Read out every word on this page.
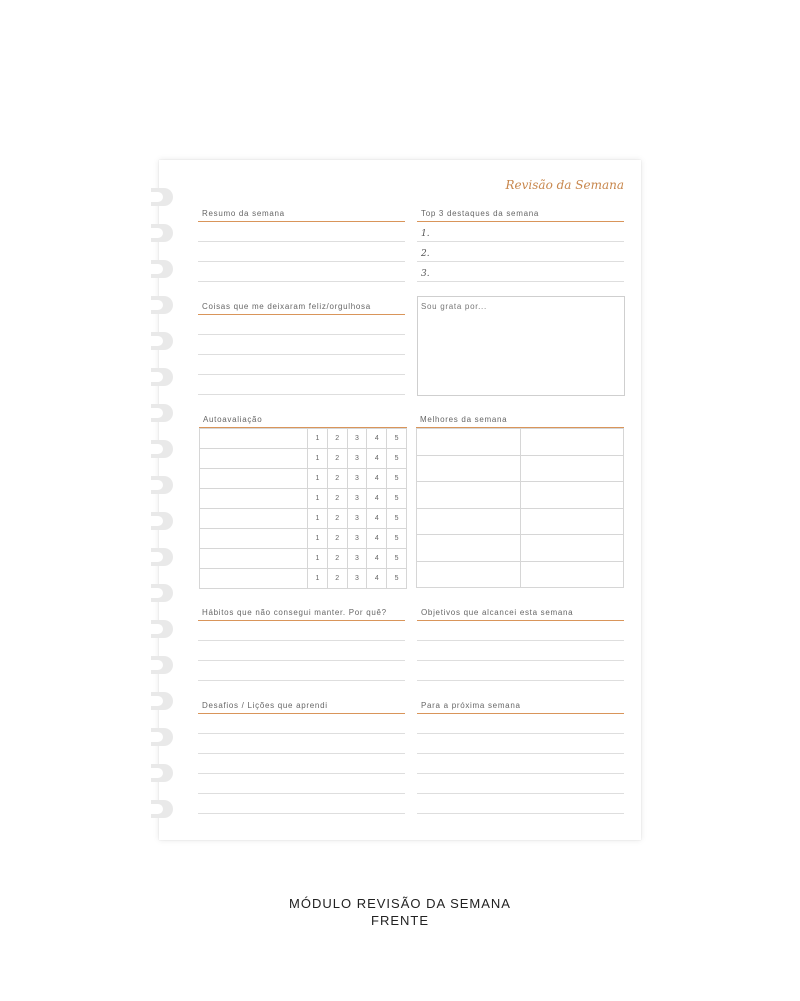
Revisão da Semana
Resumo da semana	Top 3 destaques da semana
1.
2.
3.
Coisas que me deixaram feliz/orgulhosa	Sou grata por...
Autoavaliação
	1	2	3	4	5
	1	2	3	4	5
	1	2	3	4	5
	1	2	3	4	5
	1	2	3	4	5
	1	2	3	4	5
	1	2	3	4	5
	1	2	3	4	5
Melhores da semana

Hábitos que não consegui manter. Por quê?	Objetivos que alcancei esta semana
Desafios / Lições que aprendi	Para a próxima semana
MÓDULO REVISÃO DA SEMANA
FRENTE
